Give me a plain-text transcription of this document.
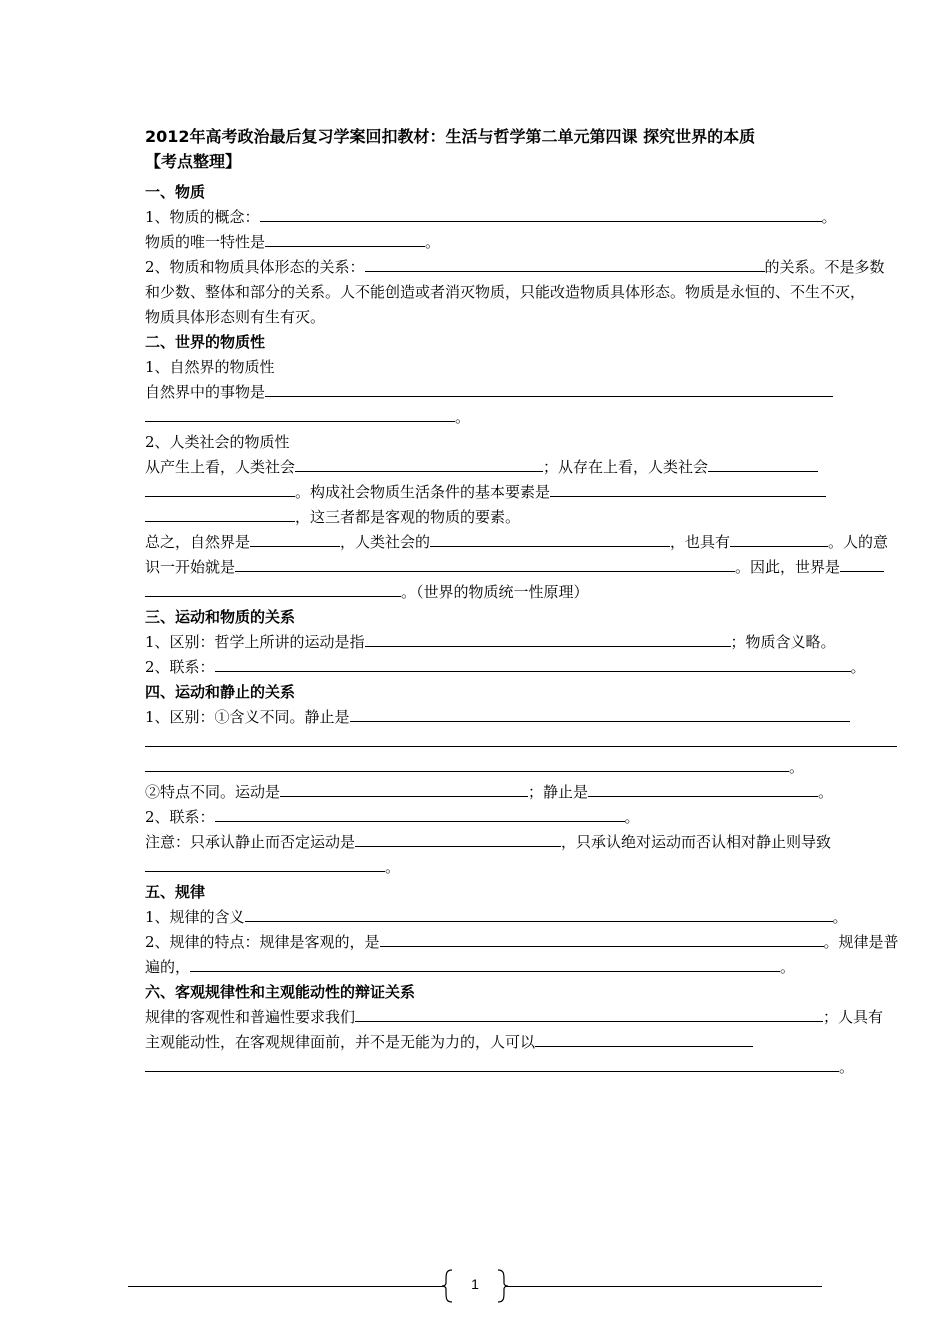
2012年高考政治最后复习学案回扣教材：生活与哲学第二单元第四课 探究世界的本质
【考点整理】
一、物质
1、物质的概念：	。
物质的唯一特性是	。
2、物质和物质具体形态的关系：	的关系。不是多数
和少数、整体和部分的关系。人不能创造或者消灭物质，只能改造物质具体形态。物质是永恒的、不生不灭，
物质具体形态则有生有灭。
二、世界的物质性
1、自然界的物质性
自然界中的事物是
。
2、人类社会的物质性
从产生上看，人类社会	；从存在上看，人类社会
。构成社会物质生活条件的基本要素是
，这三者都是客观的物质的要素。
总之，自然界是	，人类社会的	，也具有	。人的意
识一开始就是	。因此，世界是
。（世界的物质统一性原理）
三、运动和物质的关系
1、区别：哲学上所讲的运动是指	；物质含义略。
2、联系：	。
四、运动和静止的关系
1、区别：①含义不同。静止是
。
②特点不同。运动是	；静止是	。
2、联系：	。
注意：只承认静止而否定运动是	，只承认绝对运动而否认相对静止则导致
。
五、规律
1、规律的含义	。
2、规律的特点：规律是客观的，是	。规律是普
遍的，	。
六、客观规律性和主观能动性的辩证关系
规律的客观性和普遍性要求我们	；人具有
主观能动性，在客观规律面前，并不是无能为力的，人可以
。
1
